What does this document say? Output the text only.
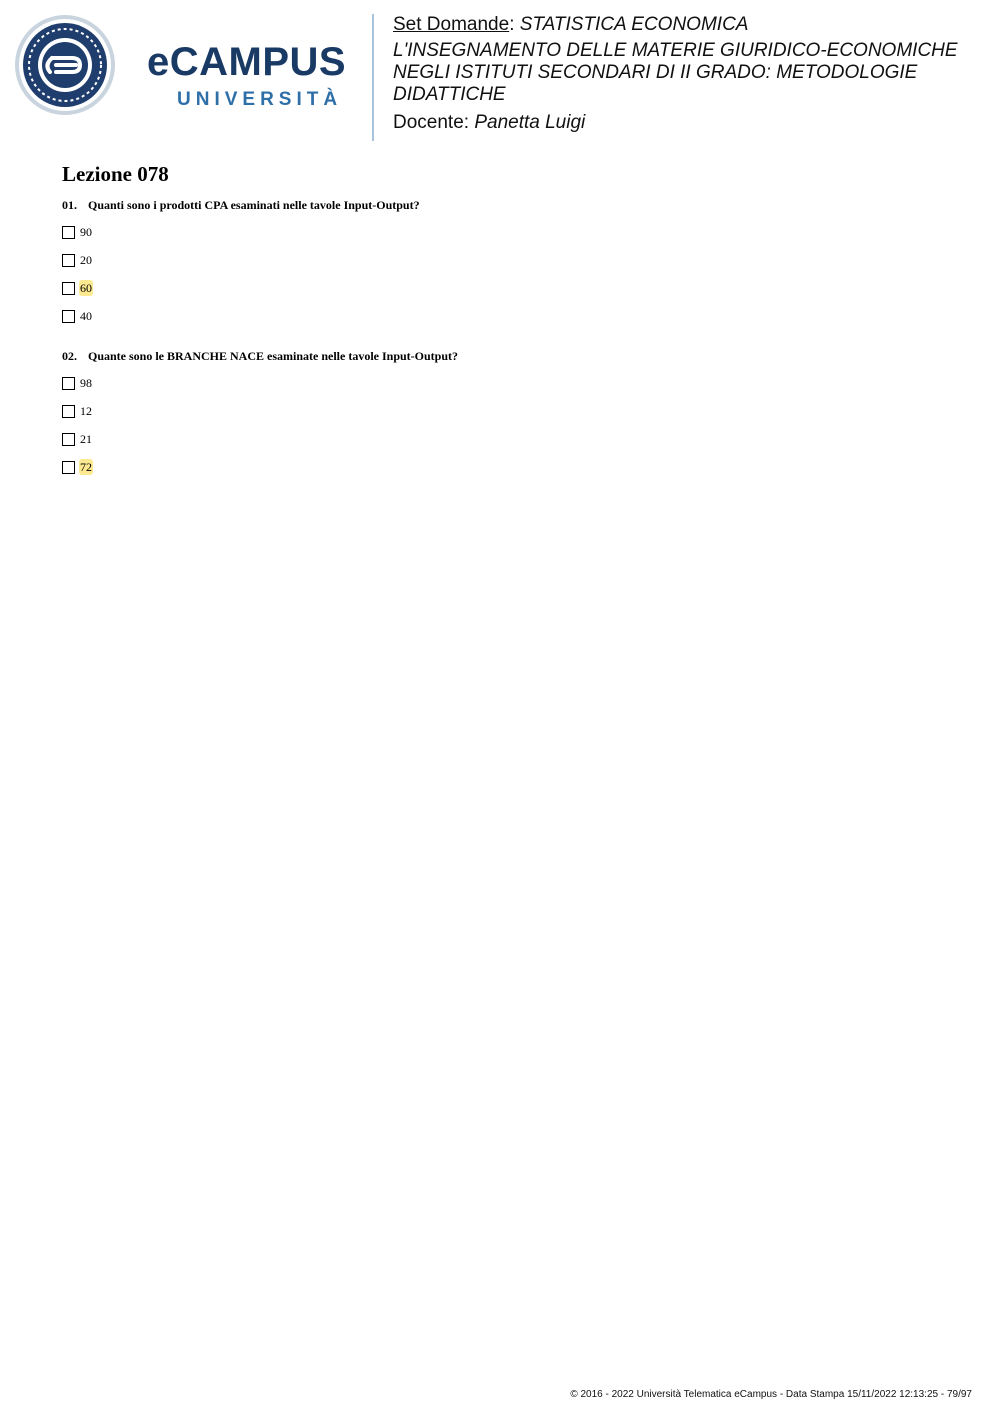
eCAMPUS
UNIVERSITÀ
Set Domande: STATISTICA ECONOMICA
L'INSEGNAMENTO DELLE MATERIE GIURIDICO-ECONOMICHE NEGLI ISTITUTI SECONDARI DI II GRADO: METODOLOGIE DIDATTICHE
Docente: Panetta Luigi
Lezione 078
01. Quanti sono i prodotti CPA esaminati nelle tavole Input-Output?
90
20
60
40
02. Quante sono le BRANCHE NACE esaminate nelle tavole Input-Output?
98
12
21
72
© 2016 - 2022 Università Telematica eCampus - Data Stampa 15/11/2022 12:13:25 - 79/97
